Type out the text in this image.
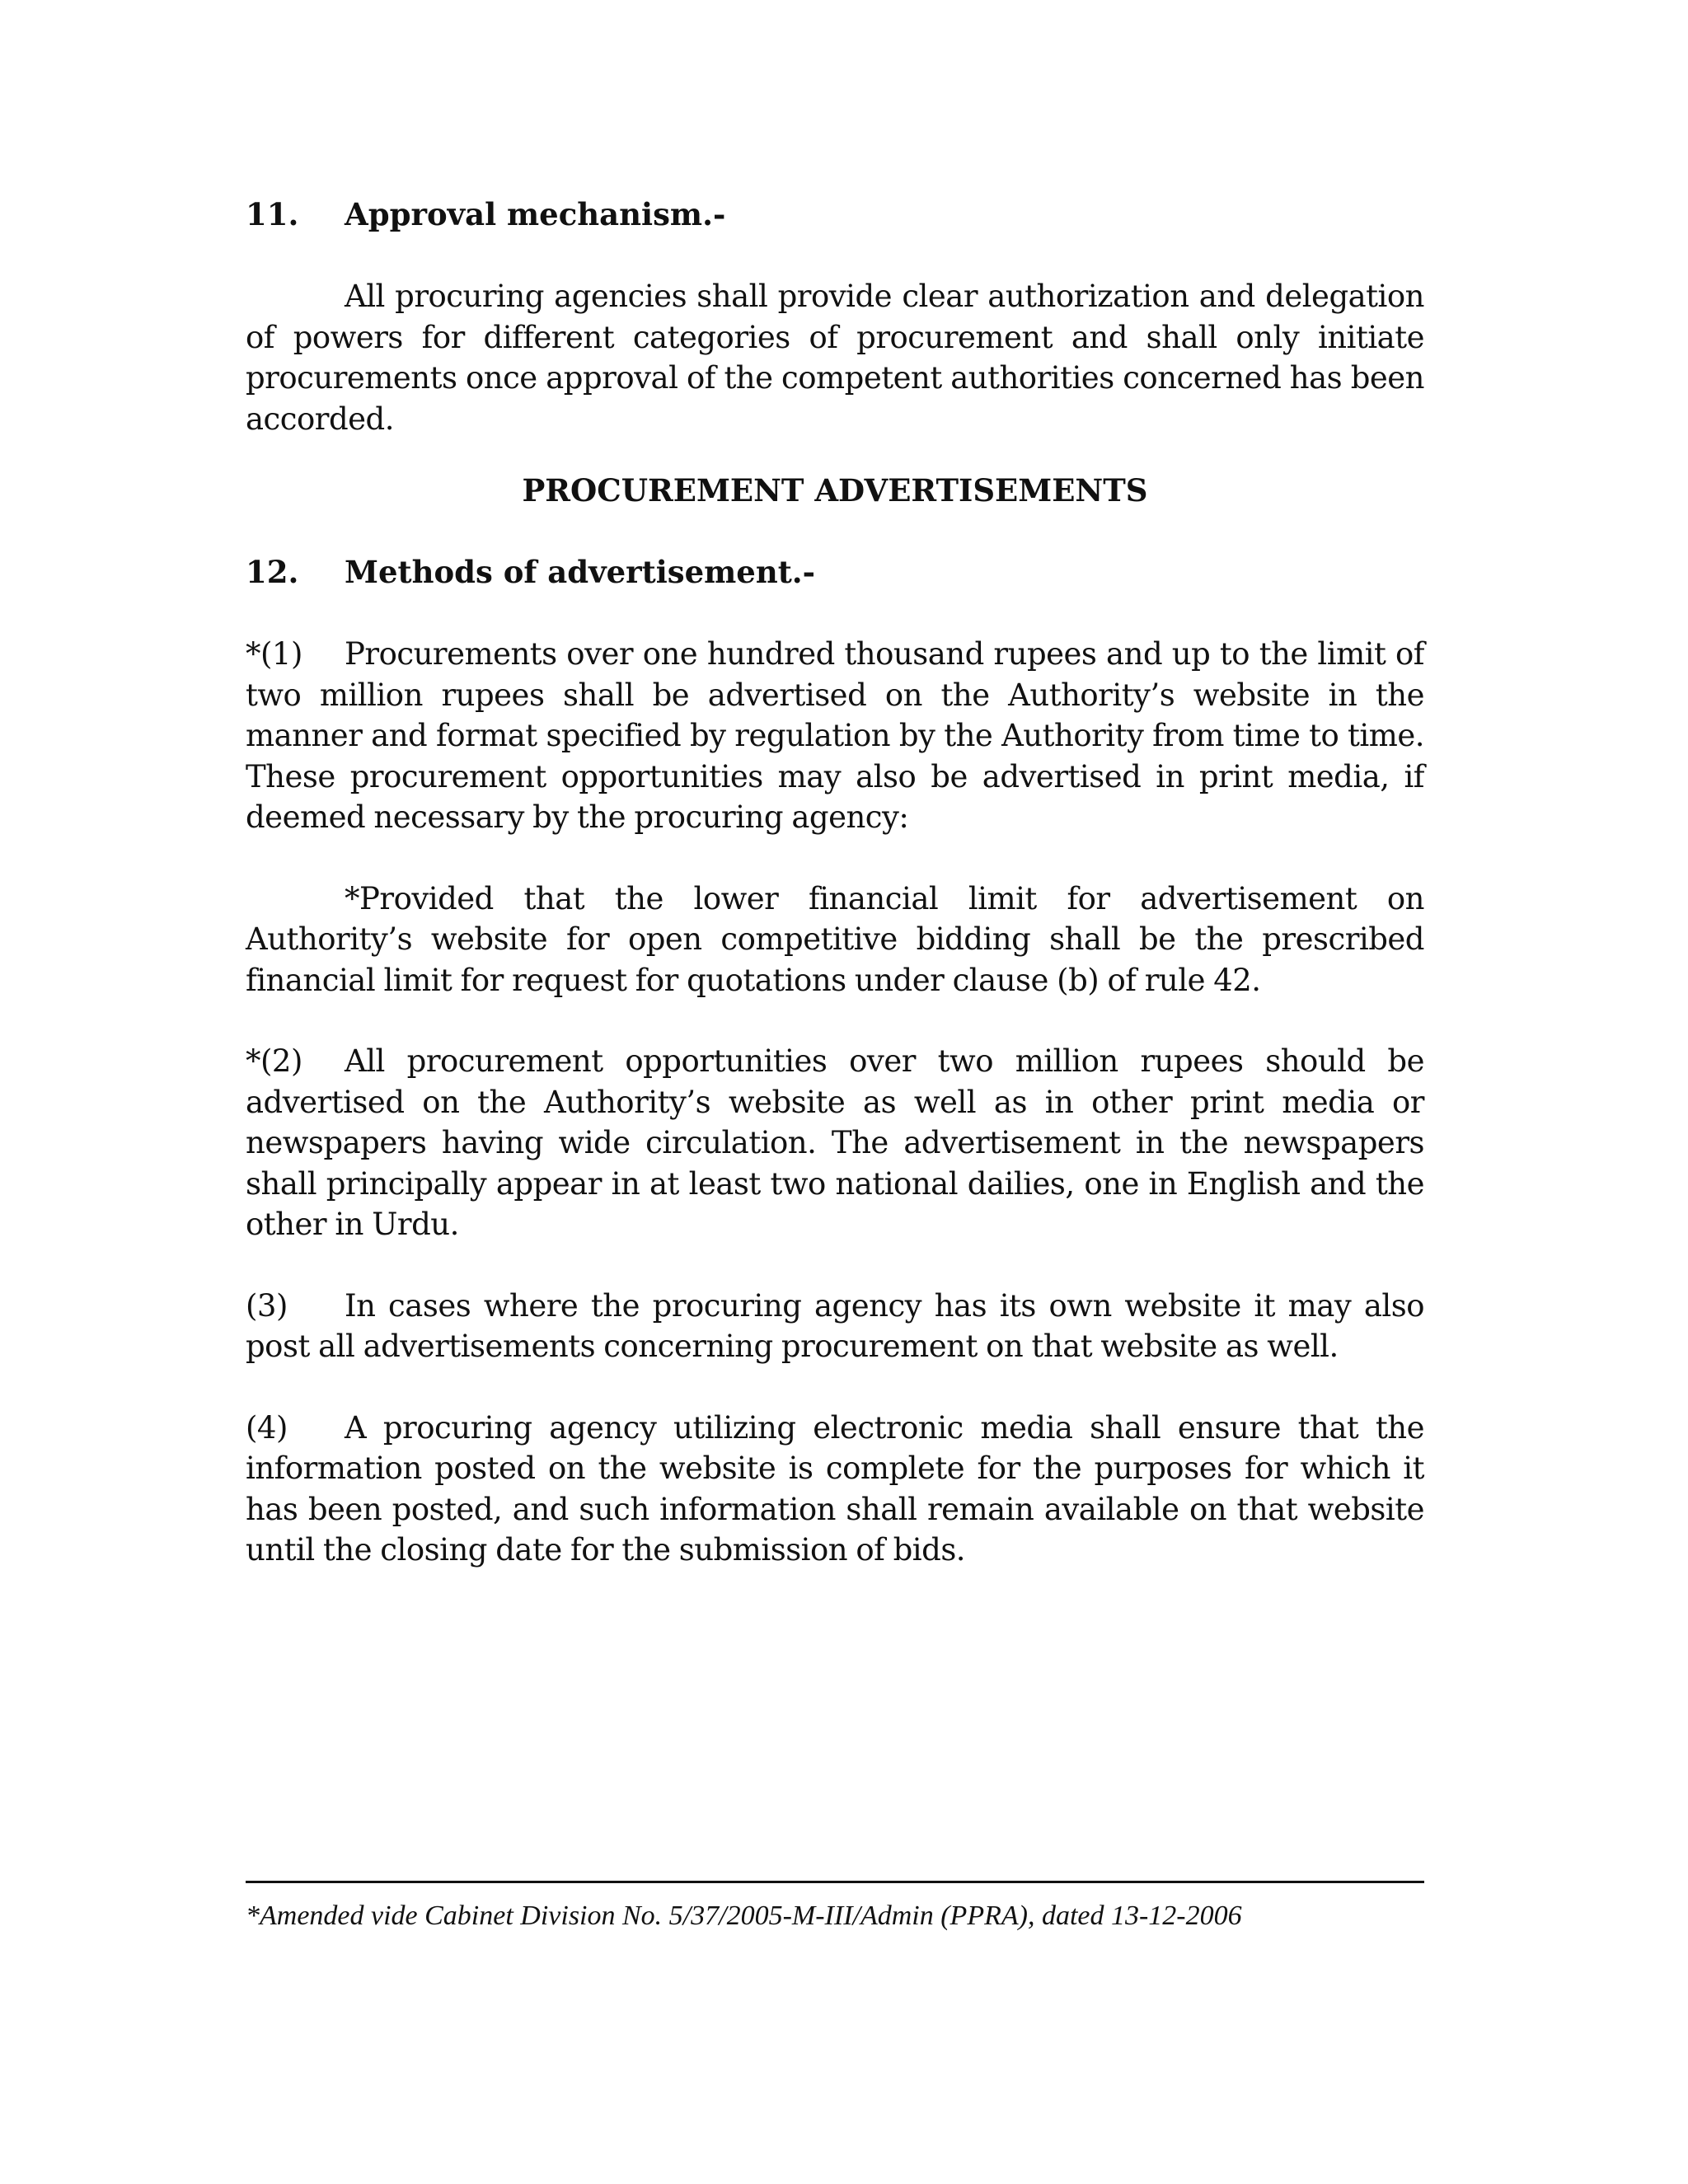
11. Approval mechanism.-

All procuring agencies shall provide clear authorization and delegation of powers for different categories of procurement and shall only initiate procurements once approval of the competent authorities concerned has been accorded.

PROCUREMENT ADVERTISEMENTS

12. Methods of advertisement.-
*(1)	Procurements over one hundred thousand rupees and up to the limit of two million rupees shall be advertised on the Authority’s website in the manner and format specified by regulation by the Authority from time to time. These procurement opportunities may also be advertised in print media, if deemed necessary by the procuring agency:

*Provided that the lower financial limit for advertisement on Authority’s website for open competitive bidding shall be the prescribed financial limit for request for quotations under clause (b) of rule 42.

*(2)	All procurement opportunities over two million rupees should be advertised on the Authority’s website as well as in other print media or newspapers having wide circulation. The advertisement in the newspapers shall principally appear in at least two national dailies, one in English and the other in Urdu.

(3)	In cases where the procuring agency has its own website it may also post all advertisements concerning procurement on that website as well.

(4)	A procuring agency utilizing electronic media shall ensure that the information posted on the website is complete for the purposes for which it has been posted, and such information shall remain available on that website until the closing date for the submission of bids.

*Amended vide Cabinet Division No. 5/37/2005-M-III/Admin (PPRA), dated 13-12-2006
